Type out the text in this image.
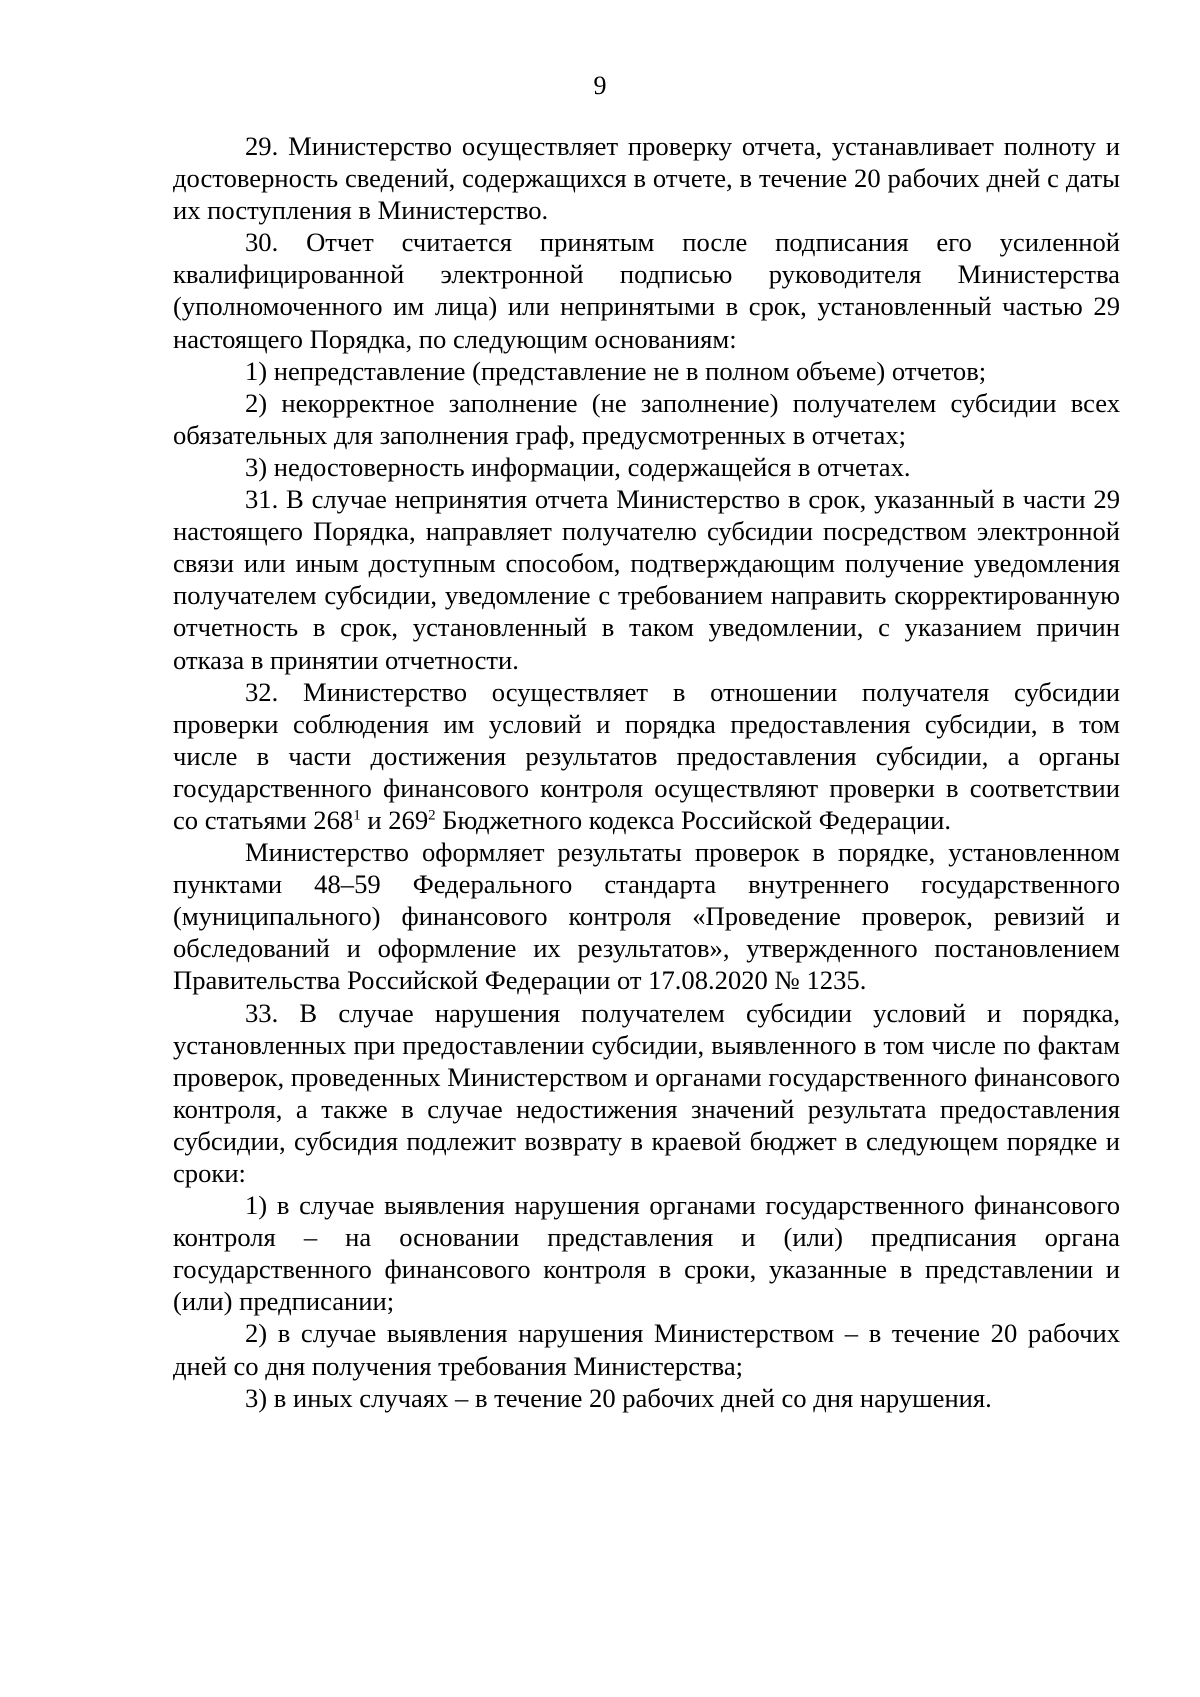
9

29. Министерство осуществляет проверку отчета, устанавливает полноту и достоверность сведений, содержащихся в отчете, в течение 20 рабочих дней с даты их поступления в Министерство.

30. Отчет считается принятым после подписания его усиленной квалифицированной электронной подписью руководителя Министерства (уполномоченного им лица) или непринятыми в срок, установленный частью 29 настоящего Порядка, по следующим основаниям:

1) непредставление (представление не в полном объеме) отчетов;

2) некорректное заполнение (не заполнение) получателем субсидии всех обязательных для заполнения граф, предусмотренных в отчетах;

3) недостоверность информации, содержащейся в отчетах.

31. В случае непринятия отчета Министерство в срок, указанный в части 29 настоящего Порядка, направляет получателю субсидии посредством электронной связи или иным доступным способом, подтверждающим получение уведомления получателем субсидии, уведомление с требованием направить скорректированную отчетность в срок, установленный в таком уведомлении, с указанием причин отказа в принятии отчетности.

32. Министерство осуществляет в отношении получателя субсидии проверки соблюдения им условий и порядка предоставления субсидии, в том числе в части достижения результатов предоставления субсидии, а органы государственного финансового контроля осуществляют проверки в соответствии со статьями $268^1$ и $269^2$ Бюджетного кодекса Российской Федерации.

Министерство оформляет результаты проверок в порядке, установленном пунктами 48–59 Федерального стандарта внутреннего государственного (муниципального) финансового контроля «Проведение проверок, ревизий и обследований и оформление их результатов», утвержденного постановлением Правительства Российской Федерации от 17.08.2020 № 1235.

33. В случае нарушения получателем субсидии условий и порядка, установленных при предоставлении субсидии, выявленного в том числе по фактам проверок, проведенных Министерством и органами государственного финансового контроля, а также в случае недостижения значений результата предоставления субсидии, субсидия подлежит возврату в краевой бюджет в следующем порядке и сроки:

1) в случае выявления нарушения органами государственного финансового контроля – на основании представления и (или) предписания органа государственного финансового контроля в сроки, указанные в представлении и (или) предписании;

2) в случае выявления нарушения Министерством – в течение 20 рабочих дней со дня получения требования Министерства;

3) в иных случаях – в течение 20 рабочих дней со дня нарушения.
